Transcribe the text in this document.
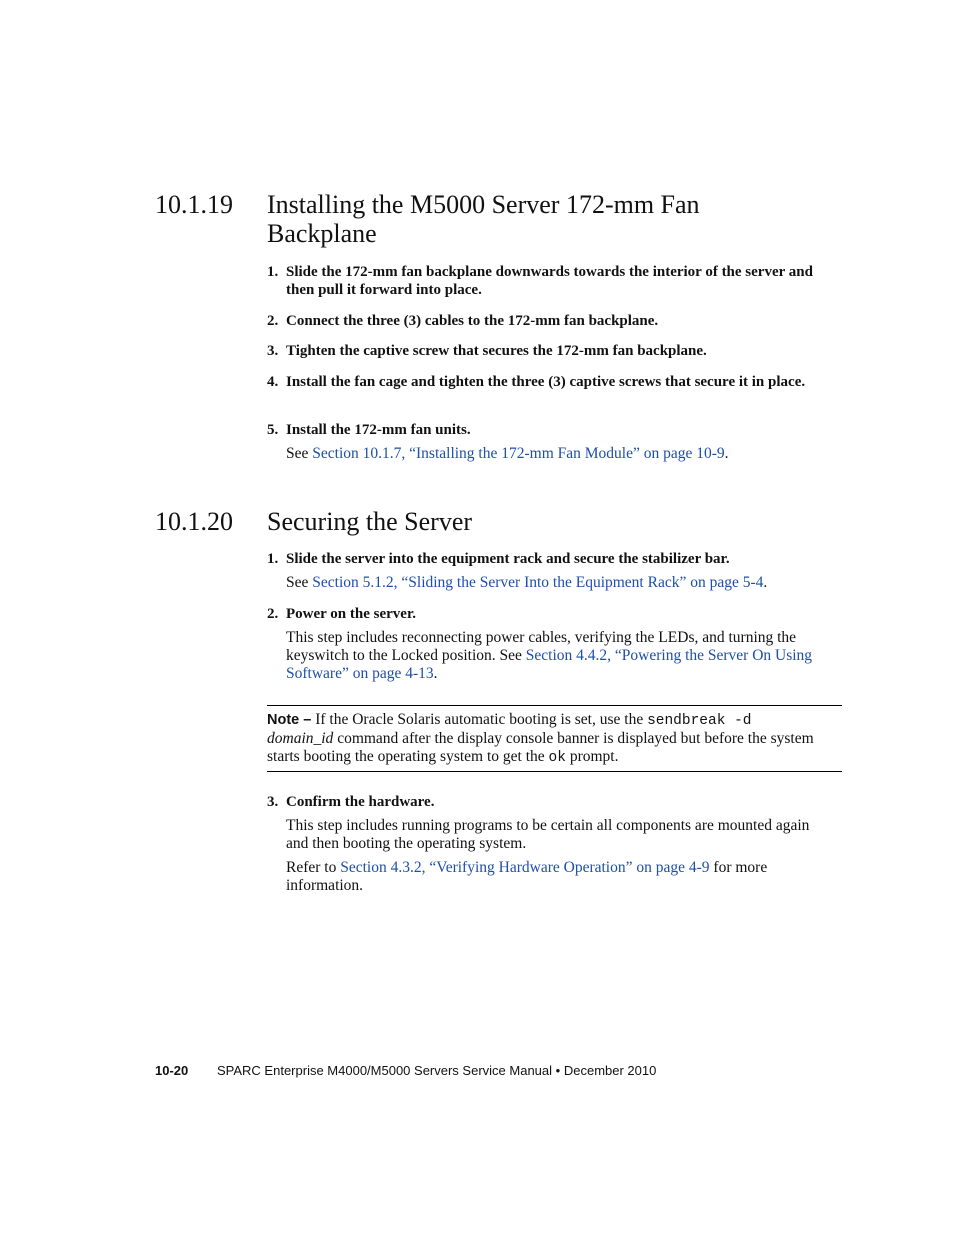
10.1.19 Installing the M5000 Server 172-mm Fan Backplane
1. Slide the 172-mm fan backplane downwards towards the interior of the server and then pull it forward into place.
2. Connect the three (3) cables to the 172-mm fan backplane.
3. Tighten the captive screw that secures the 172-mm fan backplane.
4. Install the fan cage and tighten the three (3) captive screws that secure it in place.
5. Install the 172-mm fan units.
See Section 10.1.7, “Installing the 172-mm Fan Module” on page 10-9.
10.1.20 Securing the Server
1. Slide the server into the equipment rack and secure the stabilizer bar.
See Section 5.1.2, “Sliding the Server Into the Equipment Rack” on page 5-4.
2. Power on the server.
This step includes reconnecting power cables, verifying the LEDs, and turning the keyswitch to the Locked position. See Section 4.4.2, “Powering the Server On Using Software” on page 4-13.
Note – If the Oracle Solaris automatic booting is set, use the sendbreak -d
domain_id command after the display console banner is displayed but before the system starts booting the operating system to get the ok prompt.
3. Confirm the hardware.
This step includes running programs to be certain all components are mounted again and then booting the operating system.
Refer to Section 4.3.2, “Verifying Hardware Operation” on page 4-9 for more information.
10-20 SPARC Enterprise M4000/M5000 Servers Service Manual • December 2010
